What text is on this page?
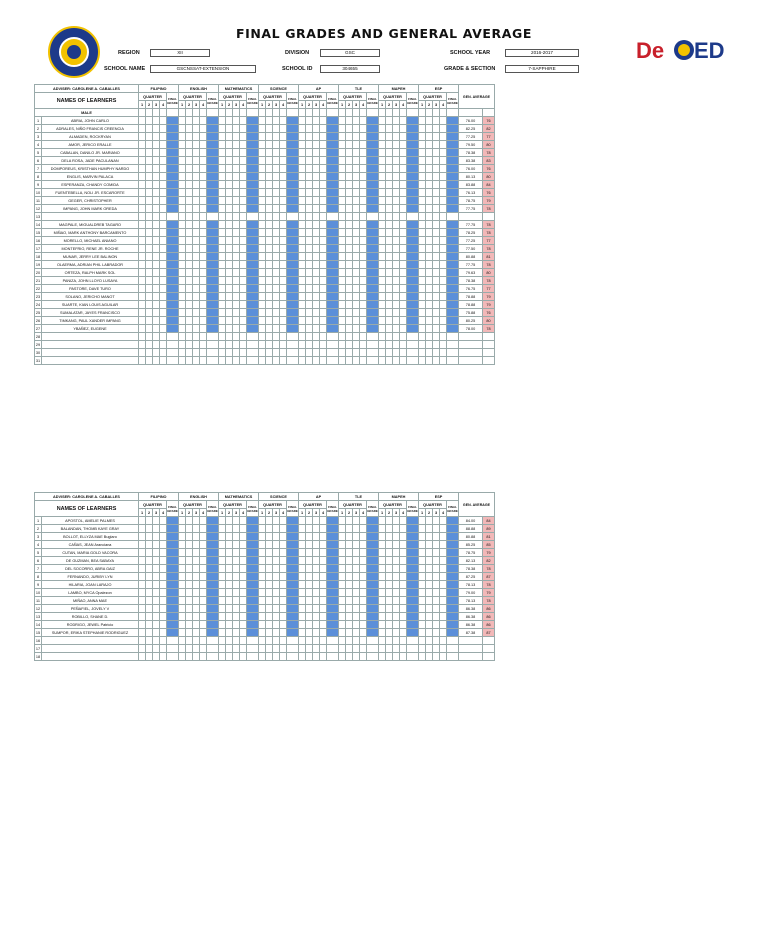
FINAL GRADES AND GENERAL AVERAGE
De ED
REGION	XII	DIVISION	GSC	SCHOOL YEAR	2016-2017
SCHOOL NAME	GSCNSSAT-EXTENSION	SCHOOL ID	304655	GRADE & SECTION	7-SAPPHIRE
ADVISER: CAROLENE A. CABALLES		FILIPINO					ENGLISH					MATHEMATICS					SCIENCE					AP					TLE					MAPEH					ESP					GEN. AVERAGE	
NAMES OF LEARNERS		QUARTER				FINAL GRADE	QUARTER				FINAL GRADE	QUARTER				FINAL GRADE	QUARTER				FINAL GRADE	QUARTER				FINAL GRADE	QUARTER				FINAL GRADE	QUARTER				FINAL GRADE	QUARTER				FINAL GRADE		
		1	2	3	4		1	2	3	4		1	2	3	4		1	2	3	4		1	2	3	4		1	2	3	4		1	2	3	4		1	2	3	4			
MALE																																											
1	ABRIA, JOHN CARLO																																									76.00	76
2	ADRALES, NIÑO FRANCIS CREENCIA																																									82.25	82
3	ALMADEN, ROCKRYAN																																									77.25	77
4	AMOR, JERICO ERALLE																																									79.50	80
5	CABALAN, DANILO JR. MARIANO																																									78.38	78
6	DELA ROSA, JADE PACULANAN																																									83.38	83
7	DOMPOREUS, KRISTHAN HUMPHY NARDO																																									76.00	76
8	ENGLIS, MARVIN PALACA																																									80.13	80
9	ESPERANZA, CHANDY COMIDA																																									83.88	84
10	FUENTEBELLA, NOLI JR. ESCARORTE																																									76.13	76
11	GEGER, CHRISTOPHER																																									78.75	79
12	IMPANG, JOHN MARK OREDA																																									77.75	78
13																																											
14	MAGPALE, MIGUALDREB TAGARO																																									77.75	78
15	MIÑAO, MARK ANTHONY BARCAMENTO																																									78.25	78
16	MORELLO, MICHAEL ANIANO																																									77.25	77
17	MONTEFRIO, RENE JR. ROCHE																																									77.50	78
18	MUNAR, JERRY LEE BALINON																																									80.88	81
19	OLAERMA, ADRIAN PHIL LABRADOR																																									77.75	78
20	ORTEZA, RALPH MARK SOL																																									79.63	80
21	PANIZA, JOHN LLOYD LUSAYA																																									78.38	78
22	PASTORE, DAVE TURO																																									76.75	77
23	SOLANO, JERICHO MANOT																																									78.88	79
24	SUARTE, KIAN LOUIS AGUILAR																																									78.88	79
25	SUMALATAR, JAYES FRANCISCO																																									75.88	76
26	TIMKANG, PAUL XANDER IMPANG																																									80.25	80
27	YBAÑEZ, EUGENE																																									78.00	78
28																																											
29																																											
30																																											
31																																											
ADVISER: CAROLENE A. CABALLES		FILIPINO					ENGLISH					MATHEMATICS					SCIENCE					AP					TLE					MAPEH					ESP					GEN. AVERAGE	
NAMES OF LEARNERS		QUARTER				FINAL GRADE	QUARTER				FINAL GRADE	QUARTER				FINAL GRADE	QUARTER				FINAL GRADE	QUARTER				FINAL GRADE	QUARTER				FINAL GRADE	QUARTER				FINAL GRADE	QUARTER				FINAL GRADE		
		1	2	3	4		1	2	3	4		1	2	3	4		1	2	3	4		1	2	3	4		1	2	3	4		1	2	3	4		1	2	3	4			
1	APOSTOL, AMELIE PALMES																																									84.00	84
2	BALANDAN, THOMB KAYE GRAY																																									88.88	89
3	BOLLOT, ELLYZA MAE Buglaro																																									80.88	81
4	CAÑAS, JEAN Aranciana																																									85.25	85
5	CUTAN, MARIA GOLD VACORA																																									78.75	79
6	DE GUZMAN, BEA SABAYA																																									82.13	82
7	DEL SOCORRO, ABRA GAIZ																																									78.38	78
8	FERNANDO, JURIBY LYN																																									87.25	87
9	HILARIA, JOAN LARAJO																																									78.13	78
10	LAMBO, MYCA Opalezon																																									79.00	79
11	MIÑAO, ANNA MAE																																									78.13	78
12	PEÑAFIEL, JOVELY V																																									86.38	86
13	ROBILLO, SHANE D.																																									86.38	86
14	RODRIGO, JEWEL Patricio																																									86.38	86
15	SUMPOR, ERIKA STEPHANIE RODRIGUEZ																																									87.38	87
16																																											
17																																											
18																																											
